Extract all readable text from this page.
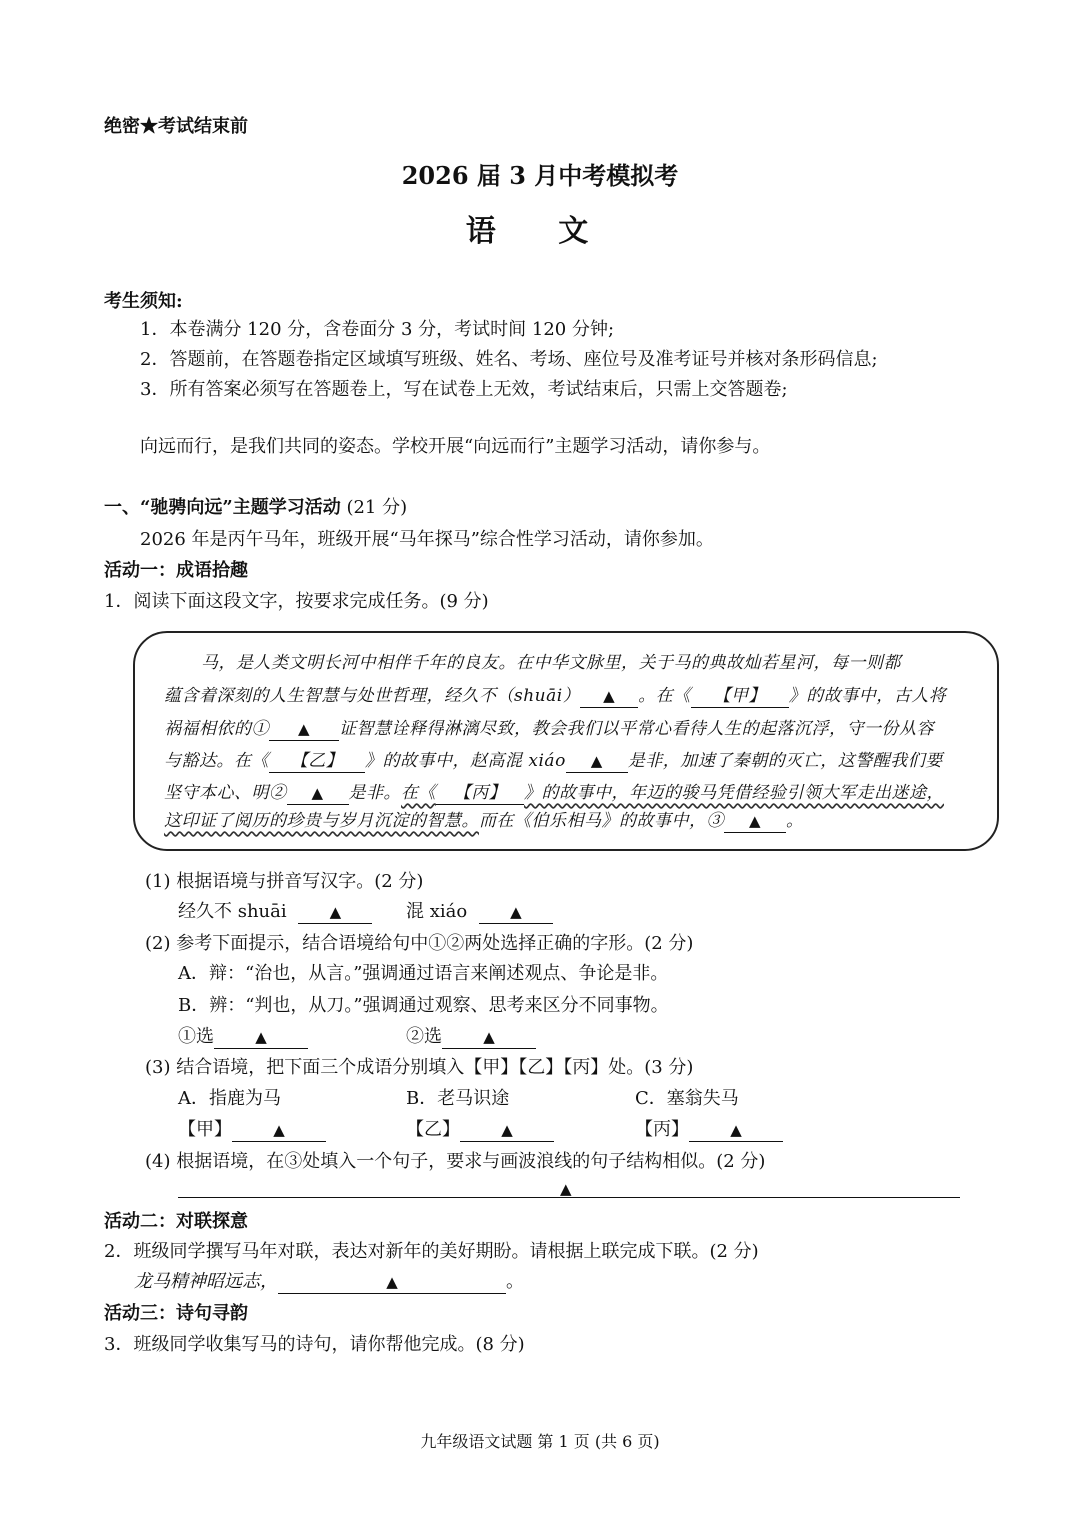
绝密★考试结束前
2026 届 3 月中考模拟考
语 文
考生须知:
1．本卷满分 120 分，含卷面分 3 分，考试时间 120 分钟;
2．答题前，在答题卷指定区域填写班级、姓名、考场、座位号及准考证号并核对条形码信息;
3．所有答案必须写在答题卷上，写在试卷上无效，考试结束后，只需上交答题卷;
向远而行，是我们共同的姿态。学校开展“向远而行”主题学习活动，请你参与。
一、“驰骋向远”主题学习活动 (21 分)
2026 年是丙午马年，班级开展“马年探马”综合性学习活动，请你参加。
活动一：成语拾趣
1．阅读下面这段文字，按要求完成任务。(9 分)
马，是人类文明长河中相伴千年的良友。在中华文脉里，关于马的典故灿若星河，每一则都
蕴含着深刻的人生智慧与处世哲理，经久不（shuāi） ▲ 。在《 【甲】 》的故事中，古人将
祸福相依的① ▲ 证智慧诠释得淋漓尽致，教会我们以平常心看待人生的起落沉浮，守一份从容
与豁达。在《 【乙】 》的故事中，赵高混 xiáo ▲ 是非，加速了秦朝的灭亡，这警醒我们要
坚守本心、明② ▲ 是非。在《 【丙】 》的故事中，年迈的骏马凭借经验引领大军走出迷途，
这印证了阅历的珍贵与岁月沉淀的智慧。而在《伯乐相马》的故事中，③ ▲ 。
(1) 根据语境与拼音写汉字。(2 分)
经久不 shuāi	▲	混 xiáo	▲
(2) 参考下面提示，结合语境给句中①②两处选择正确的字形。(2 分)
A．辩：“治也，从言。”强调通过语言来阐述观点、争论是非。
B．辨：“判也，从刀。”强调通过观察、思考来区分不同事物。
①选	▲	②选	▲
(3) 结合语境，把下面三个成语分别填入【甲】【乙】【丙】处。(3 分)
A．指鹿为马	B．老马识途	C．塞翁失马
【甲】	▲	【乙】	▲	【丙】	▲
(4) 根据语境，在③处填入一个句子，要求与画波浪线的句子结构相似。(2 分)
▲
活动二：对联探意
2．班级同学撰写马年对联，表达对新年的美好期盼。请根据上联完成下联。(2 分)
龙马精神昭远志，	▲	。
活动三：诗句寻韵
3．班级同学收集写马的诗句，请你帮他完成。(8 分)
九年级语文试题 第 1 页 (共 6 页)
